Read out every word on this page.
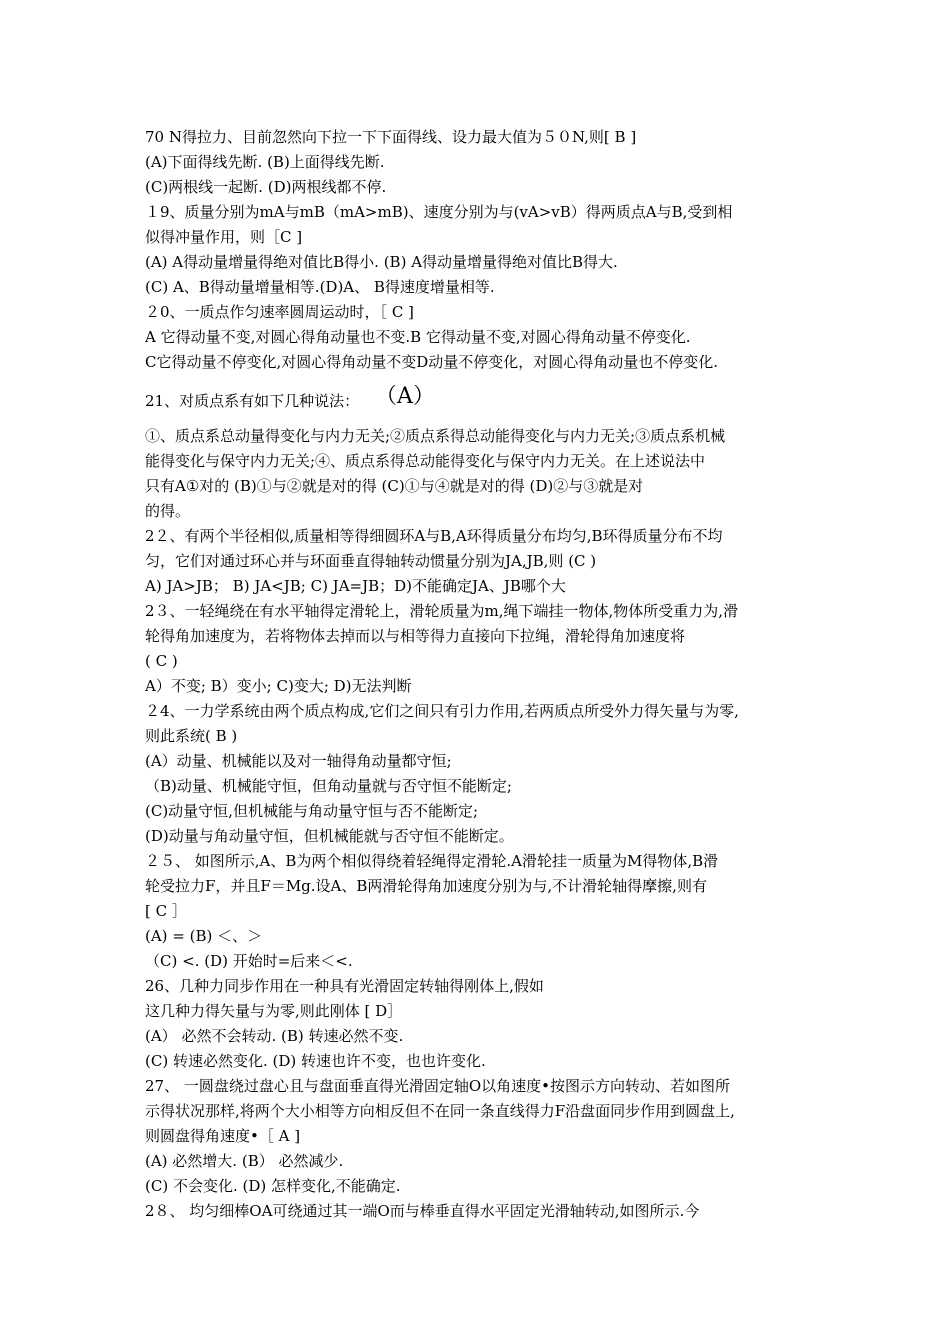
70 N得拉力、目前忽然向下拉一下下面得线、设力最大值为５０N,则[ B ]
(A)下面得线先断. (B)上面得线先断.
(C)两根线一起断. (D)两根线都不停.
１9、质量分别为mA与mB（mA>mB)、速度分别为与(vA>vB）得两质点A与B,受到相
似得冲量作用，则［C ]
(A) A得动量增量得绝对值比B得小. (B) A得动量增量得绝对值比B得大.
(C) A、B得动量增量相等.(D)A、 B得速度增量相等.
２0、一质点作匀速率圆周运动时，［ C ]
A 它得动量不变,对圆心得角动量也不变.B 它得动量不变,对圆心得角动量不停变化.
C它得动量不停变化,对圆心得角动量不变D动量不停变化，对圆心得角动量也不停变化.
21、对质点系有如下几种说法： （A）
①、质点系总动量得变化与内力无关;②质点系得总动能得变化与内力无关;③质点系机械
能得变化与保守内力无关;④、质点系得总动能得变化与保守内力无关。在上述说法中
只有A①对的 (B)①与②就是对的得 (C)①与④就是对的得 (D)②与③就是对
的得。
2２、有两个半径相似,质量相等得细圆环A与B,A环得质量分布均匀,B环得质量分布不均
匀，它们对通过环心并与环面垂直得轴转动惯量分别为JA,JB,则 (C )
A) JA>JB； B) JA<JB; C) JA=JB；D)不能确定JA、JB哪个大
2３、一轻绳绕在有水平轴得定滑轮上，滑轮质量为m,绳下端挂一物体,物体所受重力为,滑
轮得角加速度为，若将物体去掉而以与相等得力直接向下拉绳，滑轮得角加速度将
( C )
A）不变; B）变小; C)变大; D)无法判断
２4、一力学系统由两个质点构成,它们之间只有引力作用,若两质点所受外力得矢量与为零,
则此系统( B )
(A）动量、机械能以及对一轴得角动量都守恒;
（B)动量、机械能守恒，但角动量就与否守恒不能断定;
(C)动量守恒,但机械能与角动量守恒与否不能断定;
(D)动量与角动量守恒，但机械能就与否守恒不能断定。
２５、 如图所示,A、B为两个相似得绕着轻绳得定滑轮.A滑轮挂一质量为M得物体,B滑
轮受拉力F，并且F＝Mg.设A、B两滑轮得角加速度分别为与,不计滑轮轴得摩擦,则有
[ C ］
(A) = (B) ＜、＞
（C) <. (D) 开始时=后来＜<.
26、几种力同步作用在一种具有光滑固定转轴得刚体上,假如
这几种力得矢量与为零,则此刚体 [ D］
(A） 必然不会转动. (B) 转速必然不变.
(C) 转速必然变化. (D) 转速也许不变，也也许变化.
27、 一圆盘绕过盘心且与盘面垂直得光滑固定轴O以角速度•按图示方向转动、若如图所
示得状况那样,将两个大小相等方向相反但不在同一条直线得力F沿盘面同步作用到圆盘上,
则圆盘得角速度•［ A ]
(A) 必然增大. (B） 必然减少.
(C) 不会变化. (D) 怎样变化,不能确定.
2８、 均匀细棒OA可绕通过其一端O而与棒垂直得水平固定光滑轴转动,如图所示.今
